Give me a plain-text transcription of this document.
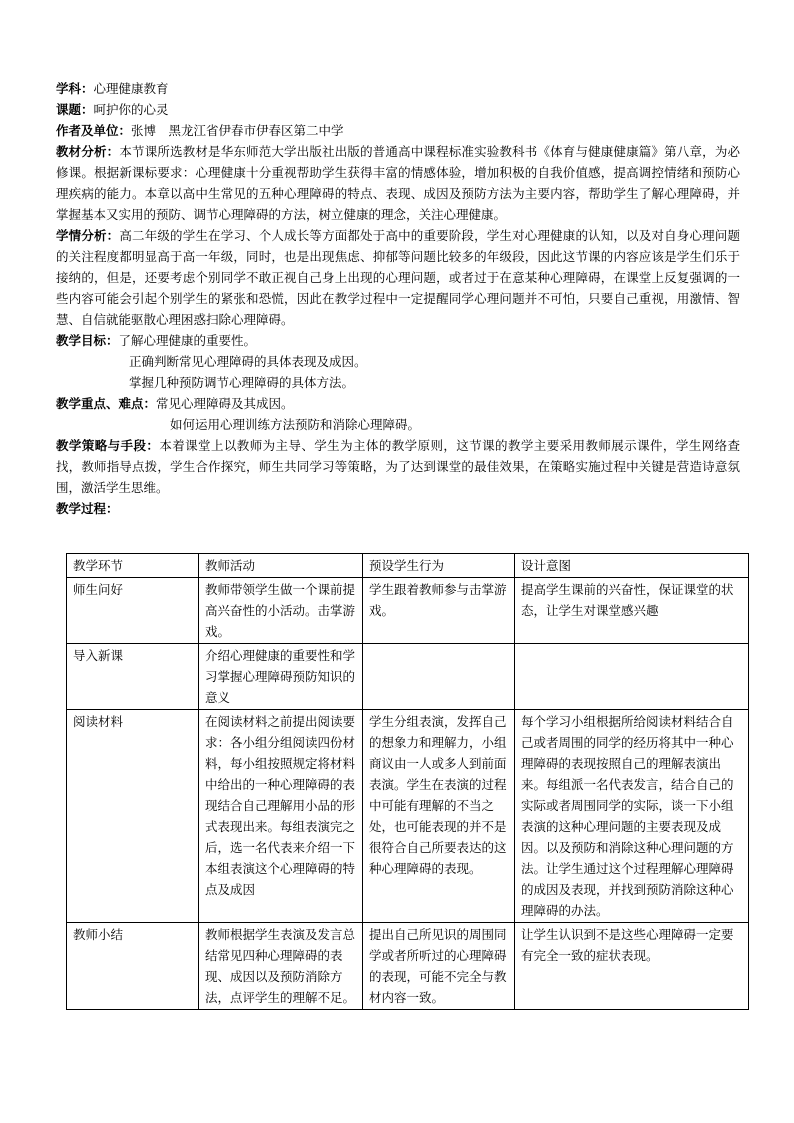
学科：心理健康教育

课题：呵护你的心灵

作者及单位：张博　黑龙江省伊春市伊春区第二中学

教材分析：本节课所选教材是华东师范大学出版社出版的普通高中课程标准实验教科书《体育与健康健康篇》第八章，为必修课。根据新课标要求：心理健康十分重视帮助学生获得丰富的情感体验，增加积极的自我价值感，提高调控情绪和预防心理疾病的能力。本章以高中生常见的五种心理障碍的特点、表现、成因及预防方法为主要内容，帮助学生了解心理障碍，并掌握基本又实用的预防、调节心理障碍的方法，树立健康的理念，关注心理健康。

学情分析：高二年级的学生在学习、个人成长等方面都处于高中的重要阶段，学生对心理健康的认知，以及对自身心理问题的关注程度都明显高于高一年级，同时，也是出现焦虑、抑郁等问题比较多的年级段，因此这节课的内容应该是学生们乐于接纳的，但是，还要考虑个别同学不敢正视自己身上出现的心理问题，或者过于在意某种心理障碍，在课堂上反复强调的一些内容可能会引起个别学生的紧张和恐慌，因此在教学过程中一定提醒同学心理问题并不可怕，只要自己重视，用激情、智慧、自信就能驱散心理困惑扫除心理障碍。

教学目标：了解心理健康的重要性。

正确判断常见心理障碍的具体表现及成因。

掌握几种预防调节心理障碍的具体方法。

教学重点、难点：常见心理障碍及其成因。

如何运用心理训练方法预防和消除心理障碍。

教学策略与手段：本着课堂上以教师为主导、学生为主体的教学原则，这节课的教学主要采用教师展示课件，学生网络查找，教师指导点拨，学生合作探究，师生共同学习等策略，为了达到课堂的最佳效果，在策略实施过程中关键是营造诗意氛围，激活学生思维。

教学过程：

教学环节	教师活动	预设学生行为	设计意图
师生问好	教师带领学生做一个课前提高兴奋性的小活动。击掌游戏。	学生跟着教师参与击掌游戏。	提高学生课前的兴奋性，保证课堂的状态，让学生对课堂感兴趣
导入新课	介绍心理健康的重要性和学习掌握心理障碍预防知识的意义		
阅读材料	在阅读材料之前提出阅读要求：各小组分组阅读四份材料，每小组按照规定将材料中给出的一种心理障碍的表现结合自己理解用小品的形式表现出来。每组表演完之后，选一名代表来介绍一下本组表演这个心理障碍的特点及成因	学生分组表演，发挥自己的想象力和理解力，小组商议由一人或多人到前面表演。学生在表演的过程中可能有理解的不当之处，也可能表现的并不是很符合自己所要表达的这种心理障碍的表现。	每个学习小组根据所给阅读材料结合自己或者周围的同学的经历将其中一种心理障碍的表现按照自己的理解表演出来。每组派一名代表发言，结合自己的实际或者周围同学的实际，谈一下小组表演的这种心理问题的主要表现及成因。以及预防和消除这种心理问题的方法。让学生通过这个过程理解心理障碍的成因及表现，并找到预防消除这种心理障碍的办法。
教师小结	教师根据学生表演及发言总结常见四种心理障碍的表现、成因以及预防消除方法，点评学生的理解不足。	提出自己所见识的周围同学或者所听过的心理障碍的表现，可能不完全与教材内容一致。	让学生认识到不是这些心理障碍一定要有完全一致的症状表现。
